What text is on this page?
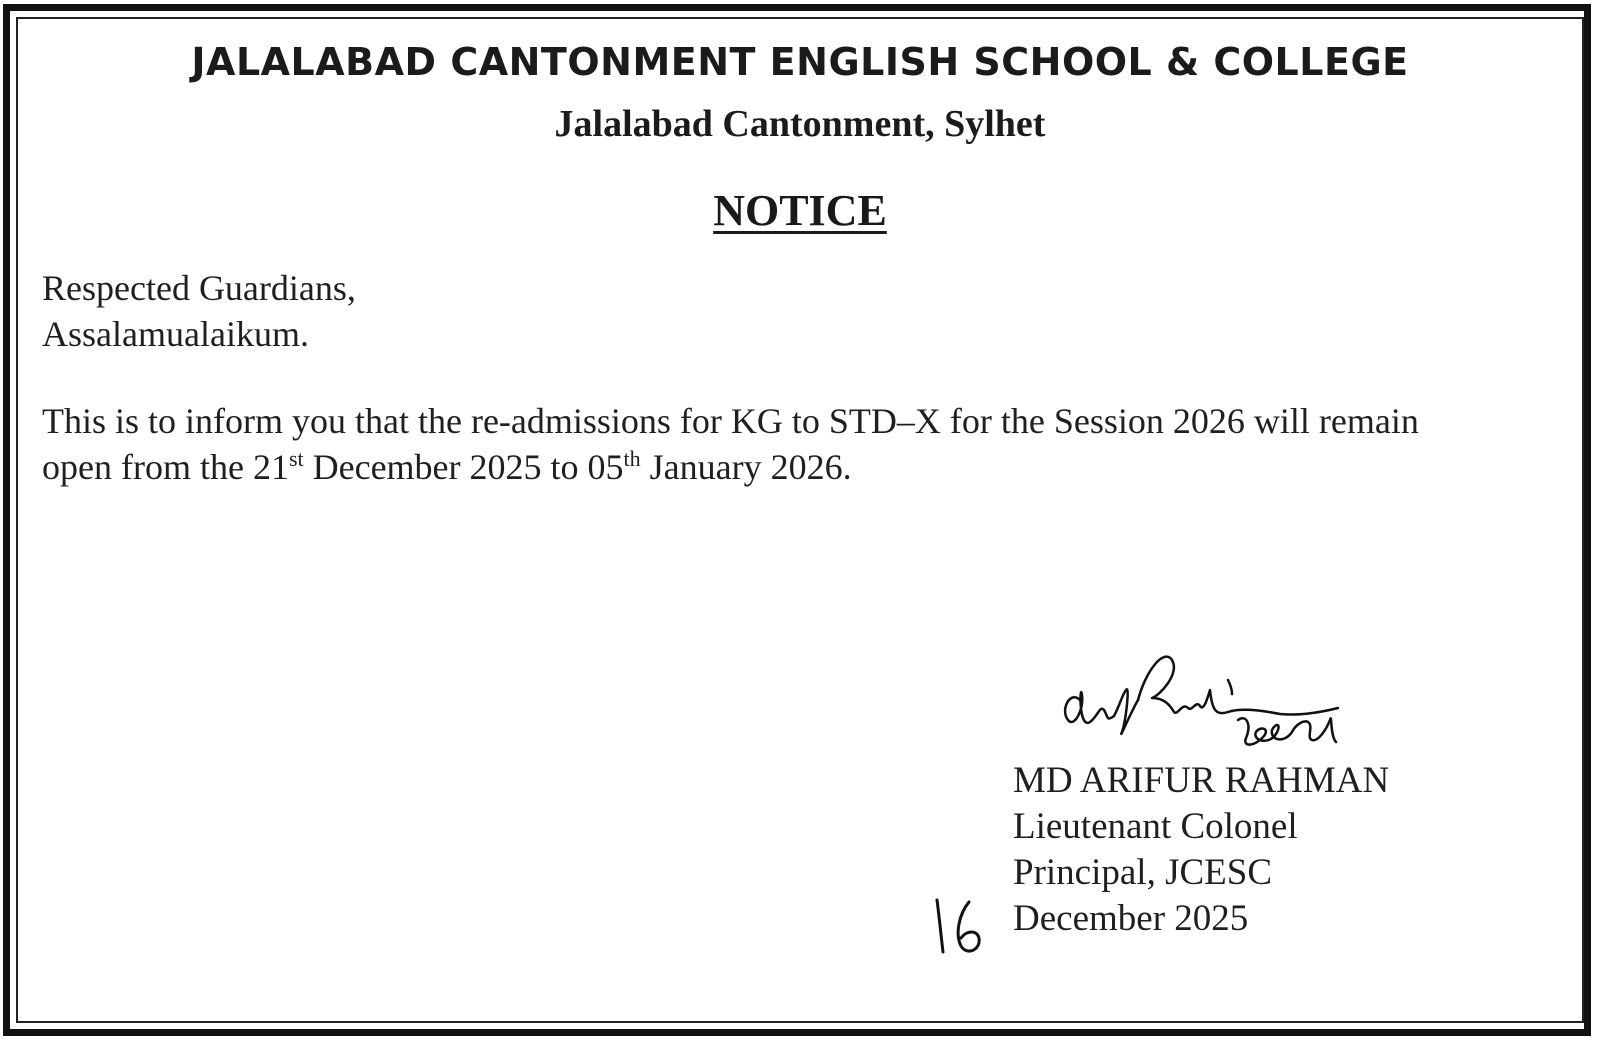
JALALABAD CANTONMENT ENGLISH SCHOOL & COLLEGE
Jalalabad Cantonment, Sylhet
NOTICE
Respected Guardians,
Assalamualaikum.
This is to inform you that the re-admissions for KG to STD–X for the Session 2026 will remain
open from the 21st December 2025 to 05th January 2026.
MD ARIFUR RAHMAN
Lieutenant Colonel
Principal, JCESC
December 2025
